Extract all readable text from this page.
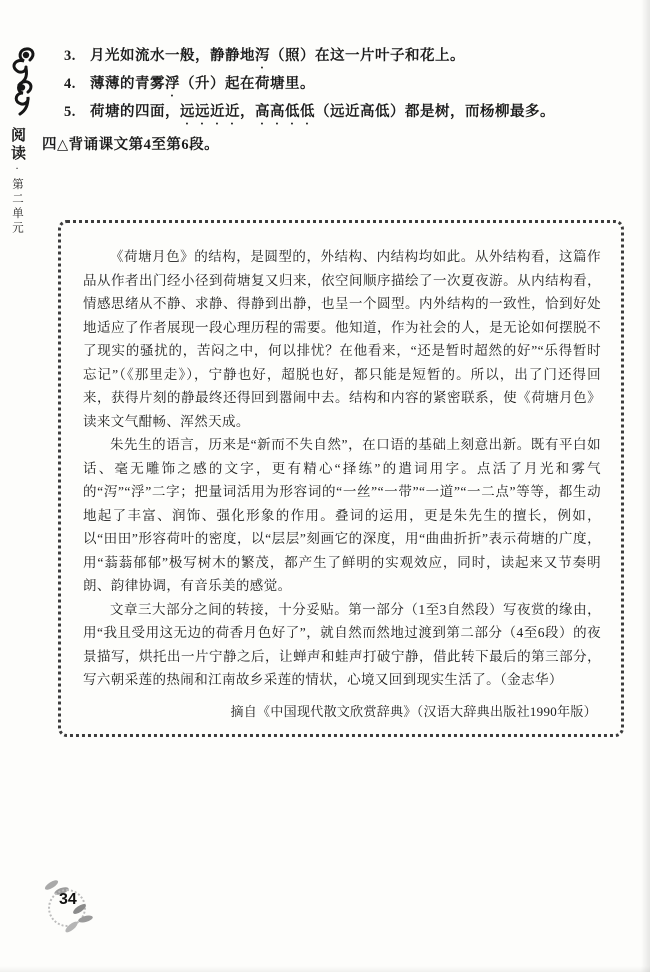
阅读·第二单元
3. 月光如流水一般，静静地泻（照）在这一片叶子和花上。
4. 薄薄的青雾浮（升）起在荷塘里。
5. 荷塘的四面，远远近近，高高低低（远近高低）都是树，而杨柳最多。
四△背诵课文第4至第6段。

《荷塘月色》的结构，是圆型的，外结构、内结构均如此。从外结构看，这篇作品从作者出门经小径到荷塘复又归来，依空间顺序描绘了一次夏夜游。从内结构看，情感思绪从不静、求静、得静到出静，也呈一个圆型。内外结构的一致性，恰到好处地适应了作者展现一段心理历程的需要。他知道，作为社会的人，是无论如何摆脱不了现实的骚扰的，苦闷之中，何以排忧？在他看来，“还是暂时超然的好”“乐得暂时忘记”（《那里走》），宁静也好，超脱也好，都只能是短暂的。所以，出了门还得回来，获得片刻的静最终还得回到嚣闹中去。结构和内容的紧密联系，使《荷塘月色》读来文气酣畅、浑然天成。

朱先生的语言，历来是“新而不失自然”，在口语的基础上刻意出新。既有平白如话、毫无雕饰之感的文字，更有精心“择练”的遣词用字。点活了月光和雾气的“泻”“浮”二字；把量词活用为形容词的“一丝”“一带”“一道”“一二点”等等，都生动地起了丰富、润饰、强化形象的作用。叠词的运用，更是朱先生的擅长，例如，以“田田”形容荷叶的密度，以“层层”刻画它的深度，用“曲曲折折”表示荷塘的广度，用“蓊蓊郁郁”极写树木的繁茂，都产生了鲜明的实观效应，同时，读起来又节奏明朗、韵律协调，有音乐美的感觉。

文章三大部分之间的转接，十分妥贴。第一部分（1至3自然段）写夜赏的缘由，用“我且受用这无边的荷香月色好了”，就自然而然地过渡到第二部分（4至6段）的夜景描写，烘托出一片宁静之后，让蝉声和蛙声打破宁静，借此转下最后的第三部分，写六朝采莲的热闹和江南故乡采莲的情状，心境又回到现实生活了。（金志华）

摘自《中国现代散文欣赏辞典》（汉语大辞典出版社1990年版）
34
